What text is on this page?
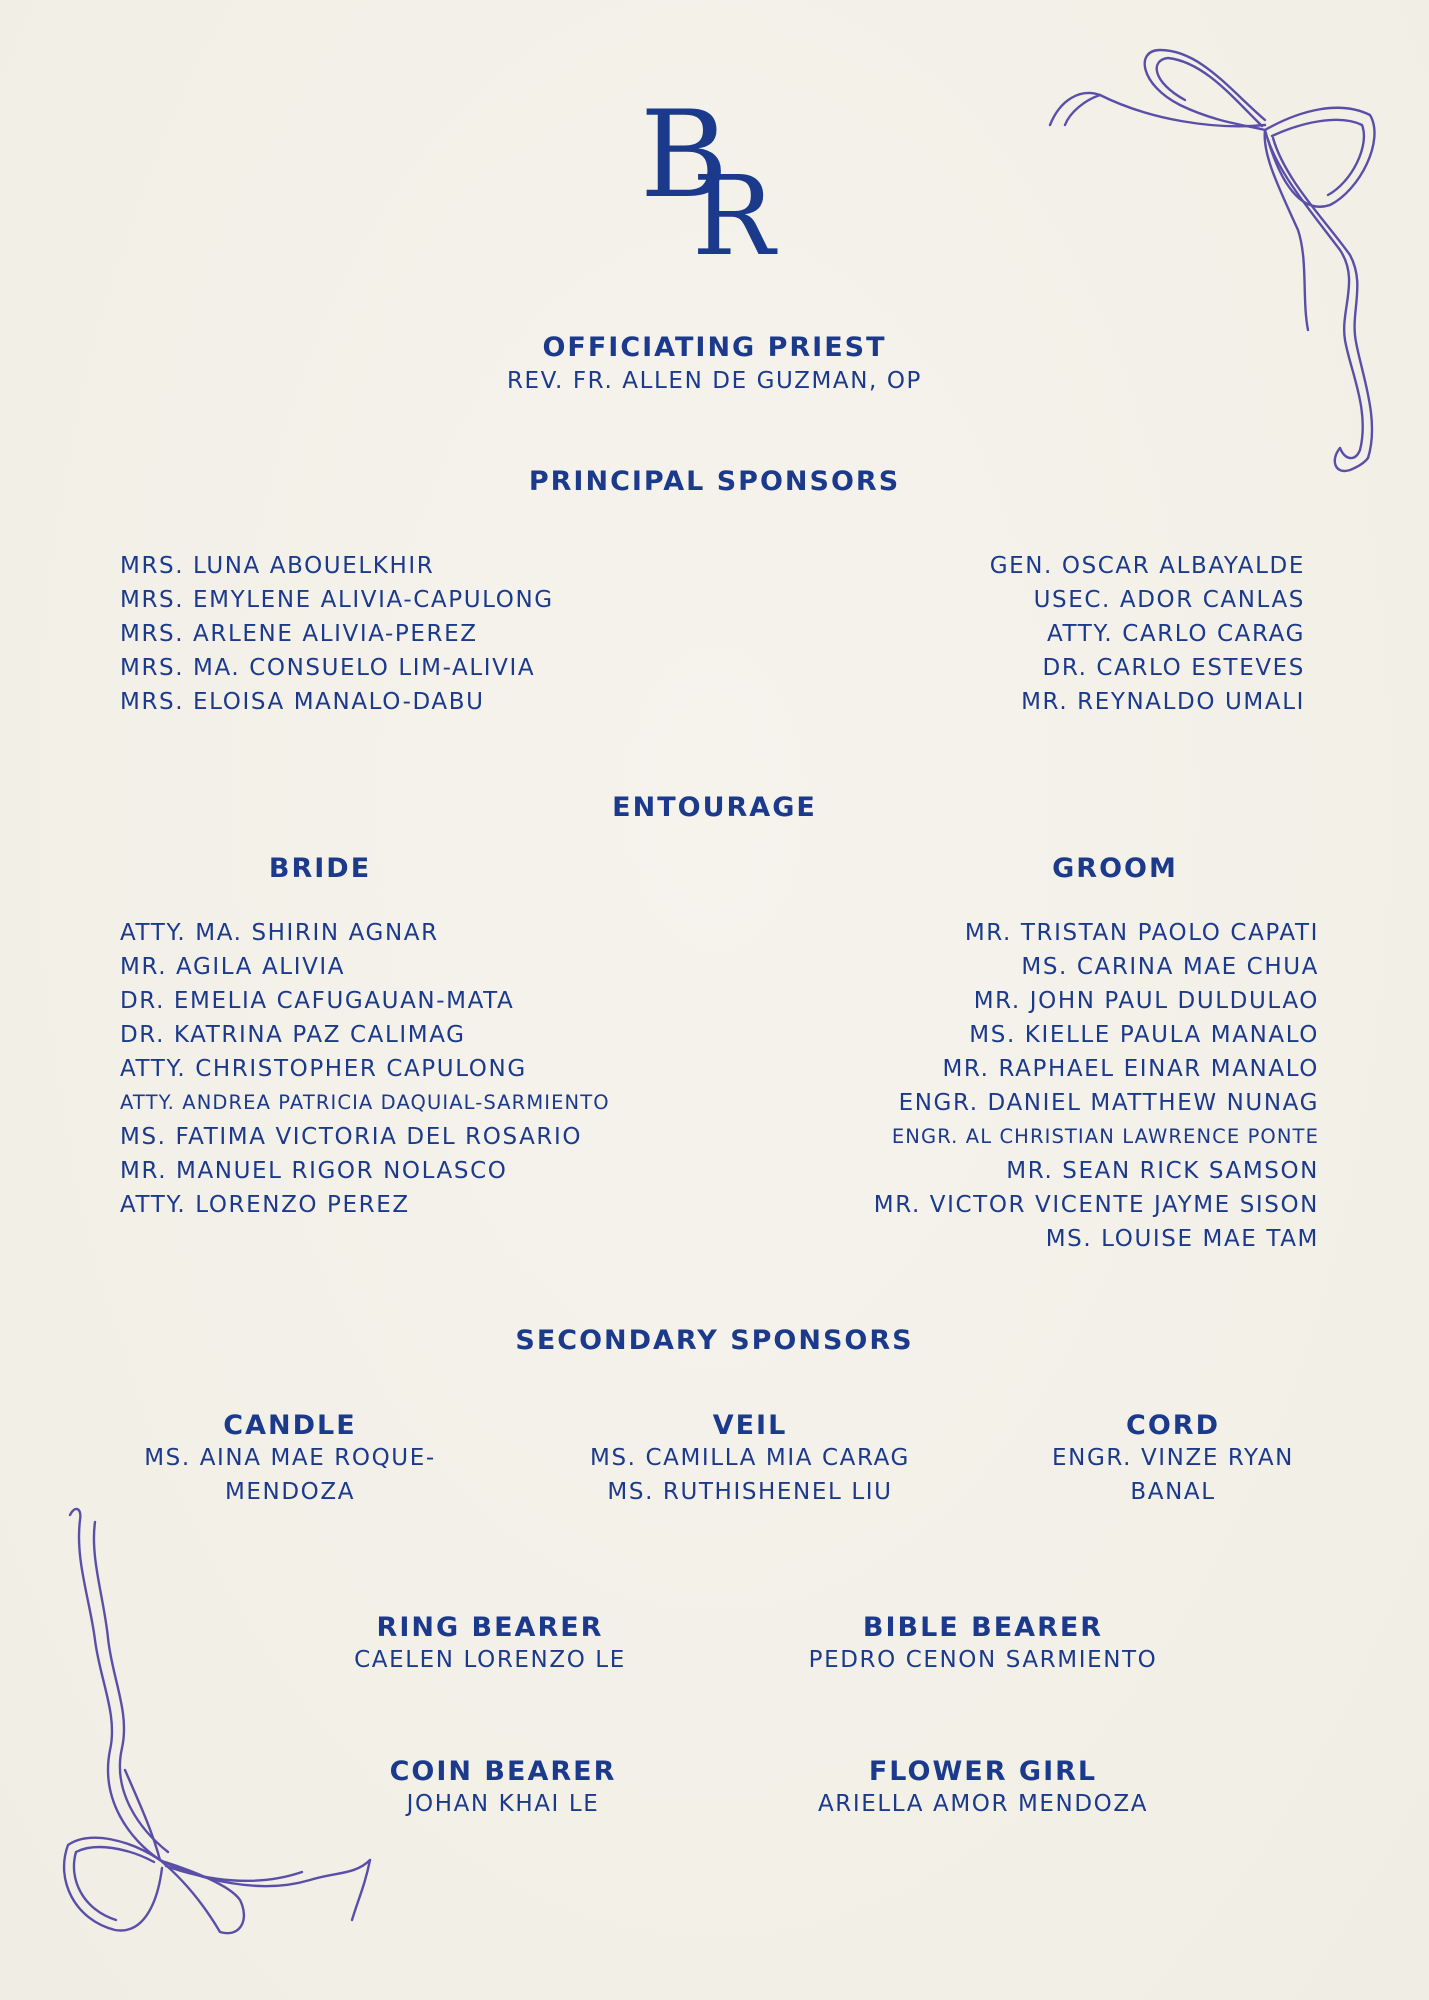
B
R
OFFICIATING PRIEST
REV. FR. ALLEN DE GUZMAN, OP
PRINCIPAL SPONSORS
MRS. LUNA ABOUELKHIR
MRS. EMYLENE ALIVIA-CAPULONG
MRS. ARLENE ALIVIA-PEREZ
MRS. MA. CONSUELO LIM-ALIVIA
MRS. ELOISA MANALO-DABU
GEN. OSCAR ALBAYALDE
USEC. ADOR CANLAS
ATTY. CARLO CARAG
DR. CARLO ESTEVES
MR. REYNALDO UMALI
ENTOURAGE
BRIDE	GROOM
ATTY. MA. SHIRIN AGNAR
MR. AGILA ALIVIA
DR. EMELIA CAFUGAUAN-MATA
DR. KATRINA PAZ CALIMAG
ATTY. CHRISTOPHER CAPULONG
ATTY. ANDREA PATRICIA DAQUIAL-SARMIENTO
MS. FATIMA VICTORIA DEL ROSARIO
MR. MANUEL RIGOR NOLASCO
ATTY. LORENZO PEREZ
MR. TRISTAN PAOLO CAPATI
MS. CARINA MAE CHUA
MR. JOHN PAUL DULDULAO
MS. KIELLE PAULA MANALO
MR. RAPHAEL EINAR MANALO
ENGR. DANIEL MATTHEW NUNAG
ENGR. AL CHRISTIAN LAWRENCE PONTE
MR. SEAN RICK SAMSON
MR. VICTOR VICENTE JAYME SISON
MS. LOUISE MAE TAM
SECONDARY SPONSORS
CANDLE
MS. AINA MAE ROQUE-
MENDOZA
VEIL
MS. CAMILLA MIA CARAG
MS. RUTHISHENEL LIU
CORD
ENGR. VINZE RYAN
BANAL
RING BEARER
CAELEN LORENZO LE
BIBLE BEARER
PEDRO CENON SARMIENTO
COIN BEARER
JOHAN KHAI LE
FLOWER GIRL
ARIELLA AMOR MENDOZA
